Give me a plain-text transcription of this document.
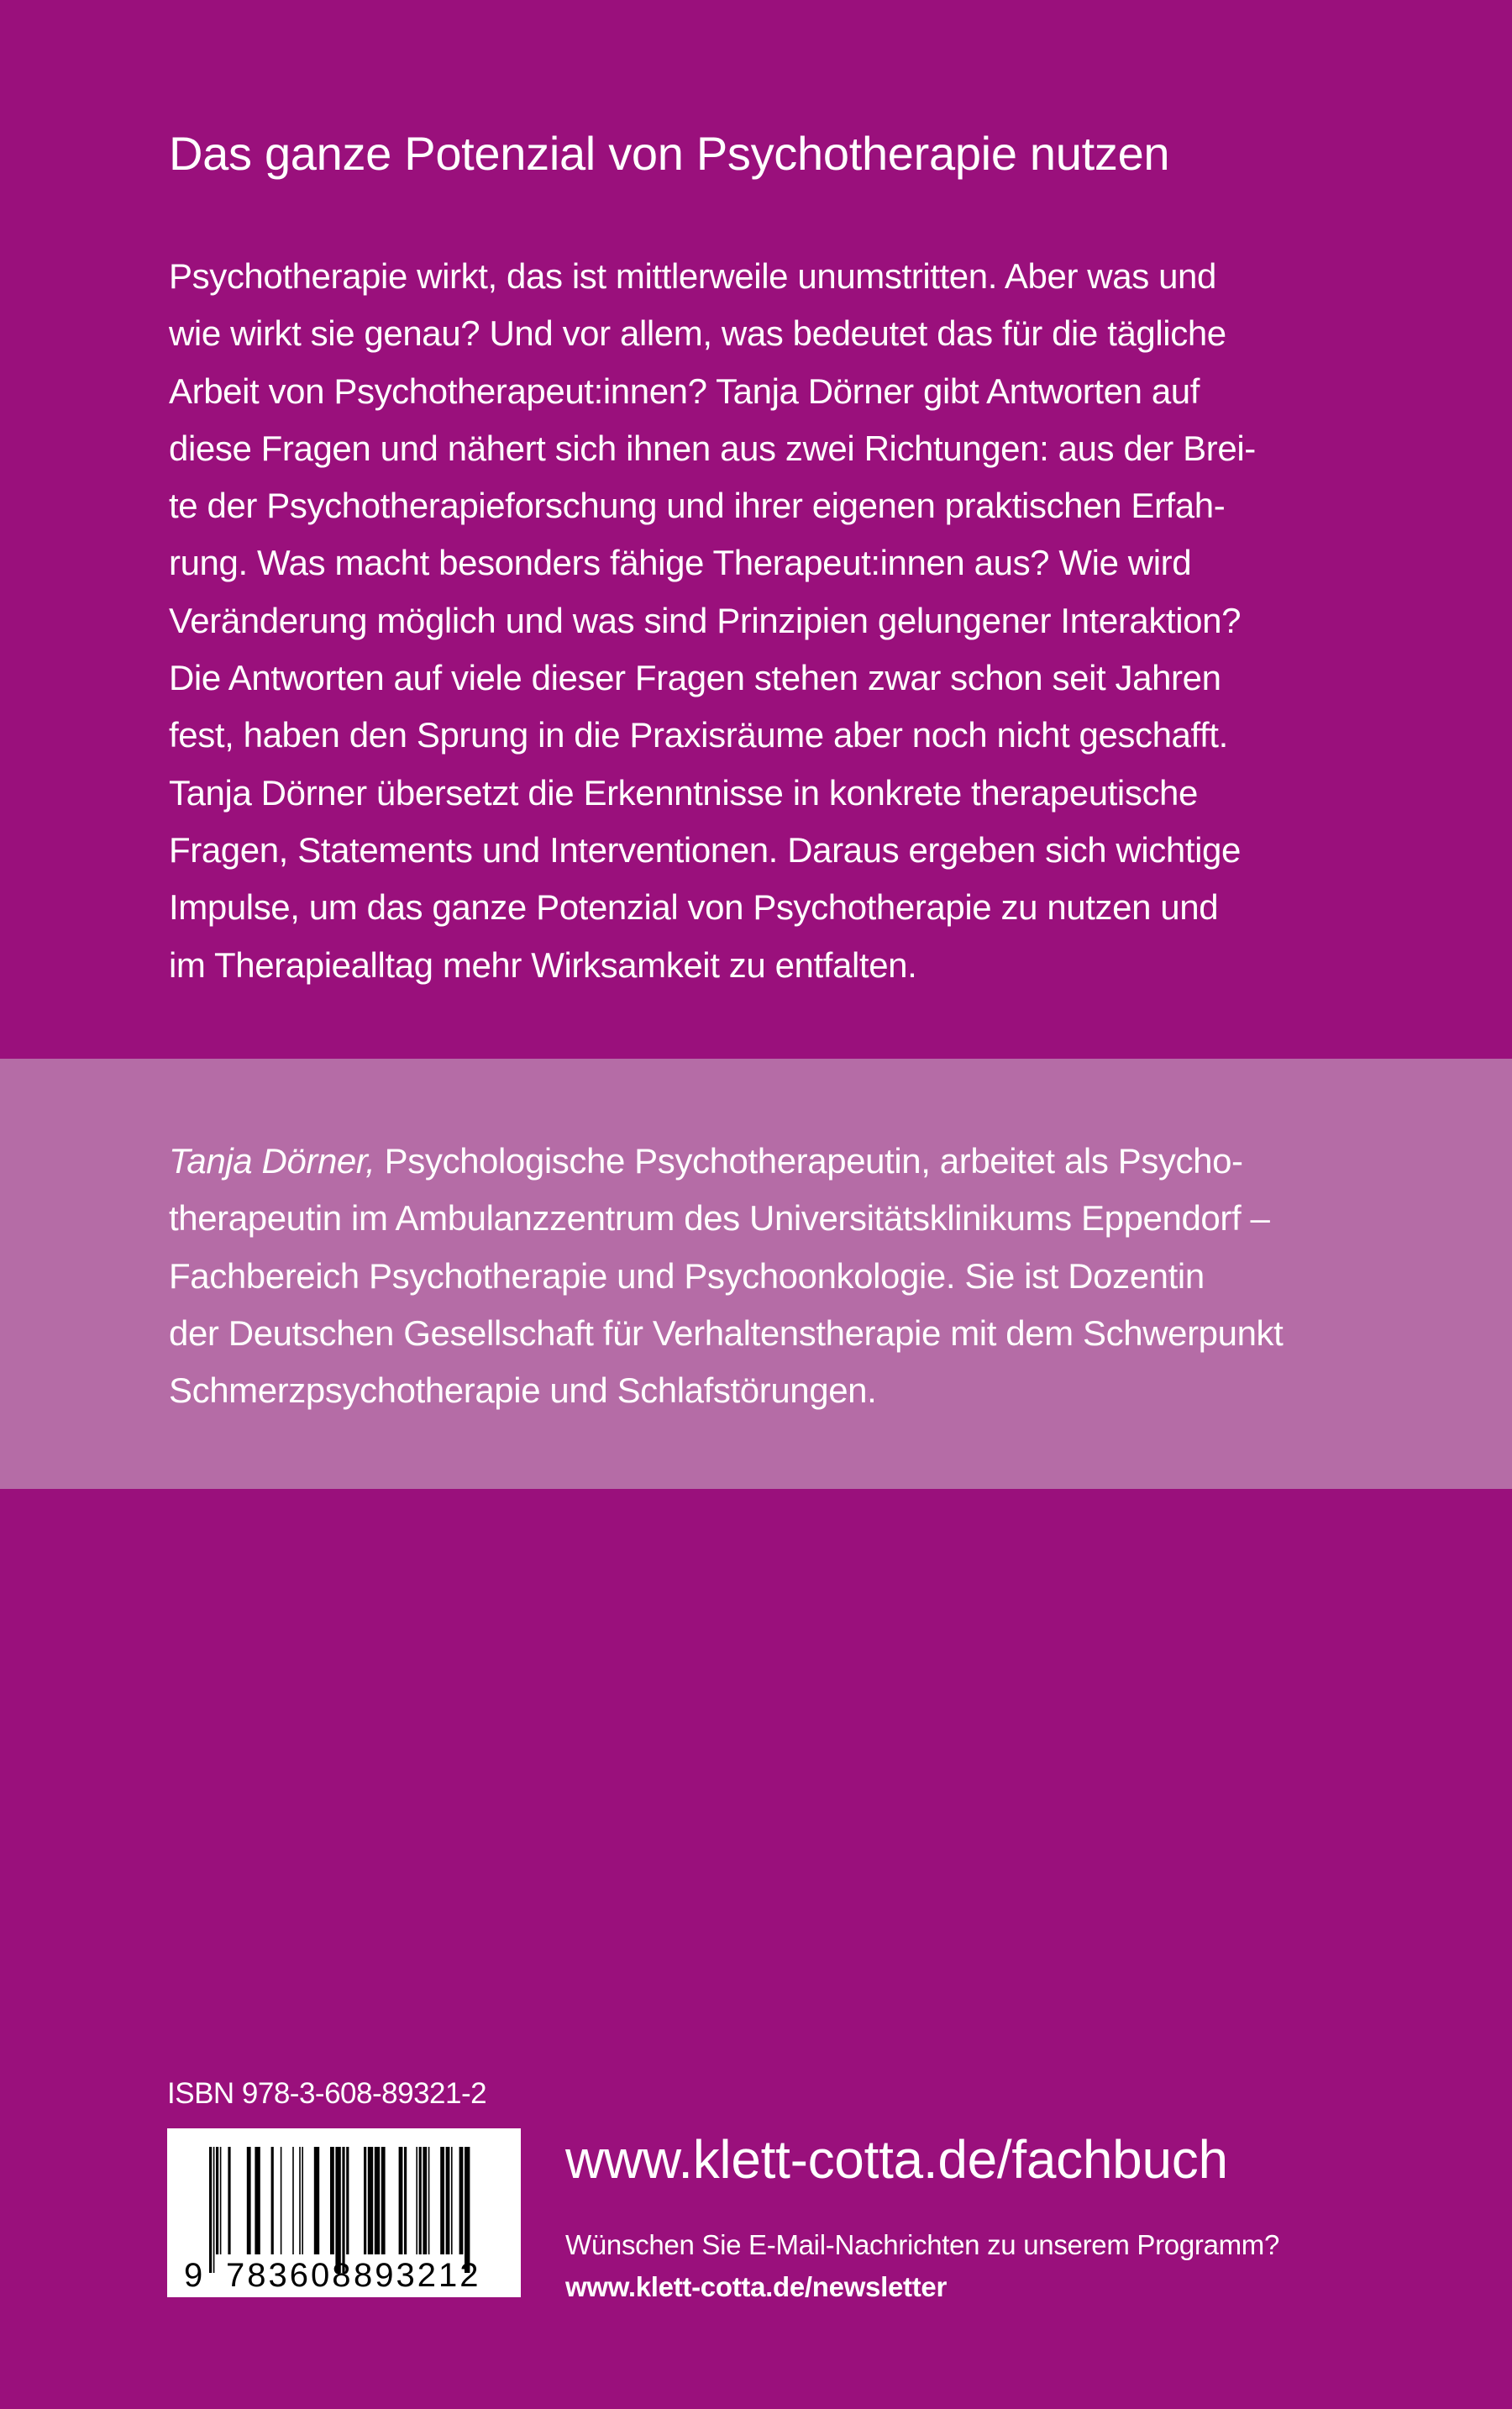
Das ganze Potenzial von Psychotherapie nutzen
Psychotherapie wirkt, das ist mittlerweile unumstritten. Aber was und
wie wirkt sie genau? Und vor allem, was bedeutet das für die tägliche
Arbeit von Psychotherapeut:innen? Tanja Dörner gibt Antworten auf
diese Fragen und nähert sich ihnen aus zwei Richtungen: aus der Brei-
te der Psychotherapieforschung und ihrer eigenen praktischen Erfah-
rung. Was macht besonders fähige Therapeut:innen aus? Wie wird
Veränderung möglich und was sind Prinzipien gelungener Interaktion?
Die Antworten auf viele dieser Fragen stehen zwar schon seit Jahren
fest, haben den Sprung in die Praxisräume aber noch nicht geschafft.
Tanja Dörner übersetzt die Erkenntnisse in konkrete therapeutische
Fragen, Statements und Interventionen. Daraus ergeben sich wichtige
Impulse, um das ganze Potenzial von Psychotherapie zu nutzen und
im Therapiealltag mehr Wirksamkeit zu entfalten.
Tanja Dörner, Psychologische Psychotherapeutin, arbeitet als Psycho-
therapeutin im Ambulanzzentrum des Universitätsklinikums Eppendorf –
Fachbereich Psychotherapie und Psychoonkologie. Sie ist Dozentin
der Deutschen Gesellschaft für Verhaltenstherapie mit dem Schwerpunkt
Schmerzpsychotherapie und Schlafstörungen.
ISBN 978-3-608-89321-2
9 783608 893212
www.klett-cotta.de/fachbuch
Wünschen Sie E-Mail-Nachrichten zu unserem Programm?
www.klett-cotta.de/newsletter
